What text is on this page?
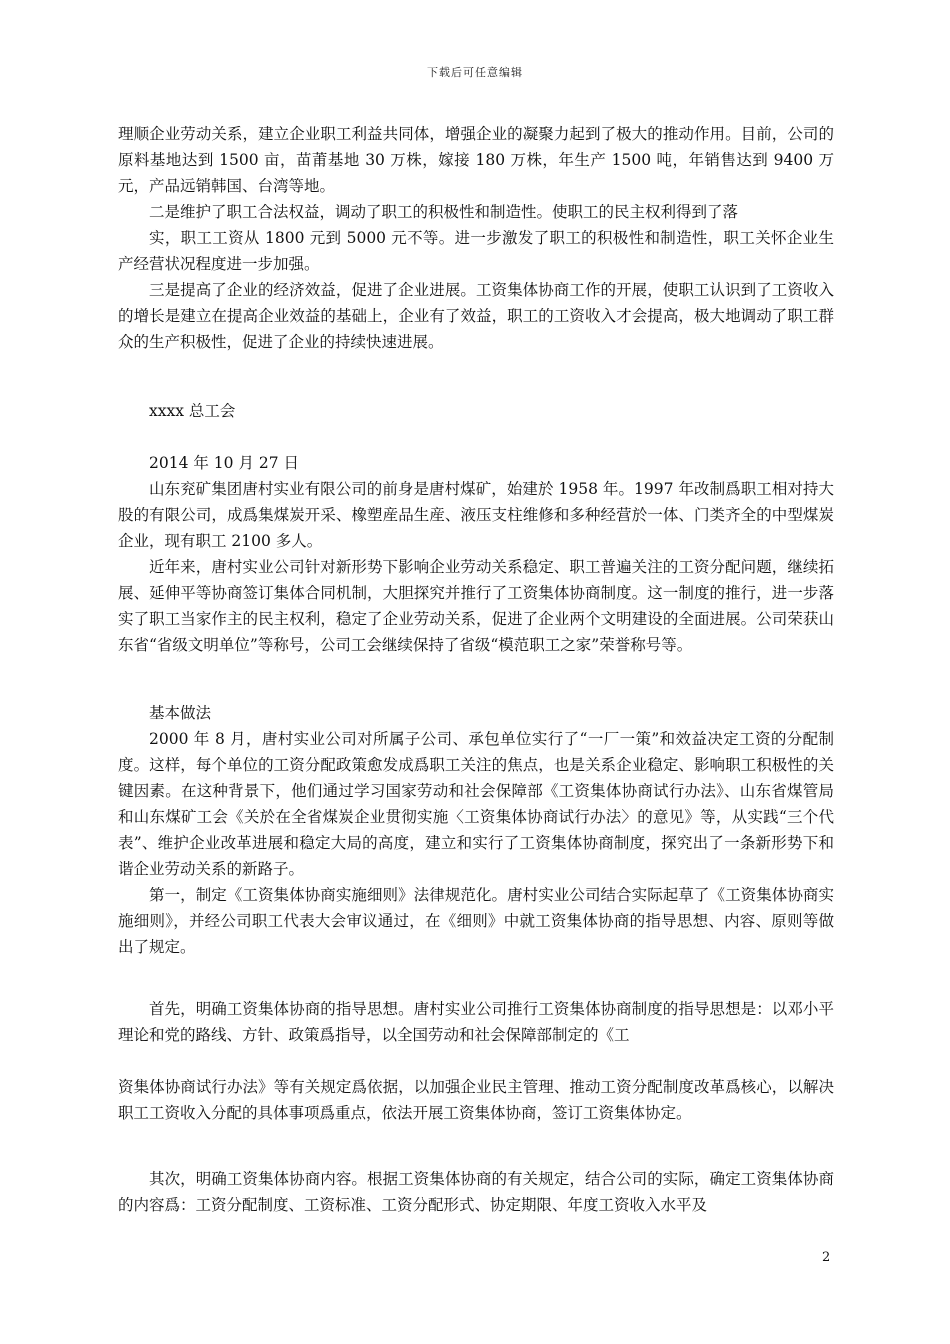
下载后可任意编辑

理顺企业劳动关系，建立企业职工利益共同体，增强企业的凝聚力起到了极大的推动作用。目前，公司的原料基地达到 1500 亩，苗莆基地 30 万株，嫁接 180 万株，年生产 1500 吨，年销售达到 9400 万元，产品远销韩国、台湾等地。

二是维护了职工合法权益，调动了职工的积极性和制造性。使职工的民主权利得到了落

实，职工工资从 1800 元到 5000 元不等。进一步激发了职工的积极性和制造性，职工关怀企业生产经营状况程度进一步加强。

三是提高了企业的经济效益，促进了企业进展。工资集体协商工作的开展，使职工认识到了工资收入的增长是建立在提高企业效益的基础上，企业有了效益，职工的工资收入才会提高，极大地调动了职工群众的生产积极性，促进了企业的持续快速进展。

xxxx 总工会

2014 年 10 月 27 日

山东兖矿集团唐村实业有限公司的前身是唐村煤矿，始建於 1958 年。1997 年改制爲职工相对持大股的有限公司，成爲集煤炭开采、橡塑産品生産、液压支柱维修和多种经营於一体、门类齐全的中型煤炭企业，现有职工 2100 多人。

近年来，唐村实业公司针对新形势下影响企业劳动关系稳定、职工普遍关注的工资分配问题，继续拓展、延伸平等协商签订集体合同机制，大胆探究并推行了工资集体协商制度。这一制度的推行，进一步落实了职工当家作主的民主权利，稳定了企业劳动关系，促进了企业两个文明建设的全面进展。公司荣获山东省“省级文明单位”等称号，公司工会继续保持了省级“模范职工之家”荣誉称号等。

基本做法

2000 年 8 月，唐村实业公司对所属子公司、承包单位实行了“一厂一策”和效益决定工资的分配制度。这样，每个单位的工资分配政策愈发成爲职工关注的焦点，也是关系企业稳定、影响职工积极性的关键因素。在这种背景下，他们通过学习国家劳动和社会保障部《工资集体协商试行办法》、山东省煤管局和山东煤矿工会《关於在全省煤炭企业贯彻实施〈工资集体协商试行办法〉的意见》等，从实践“三个代表”、维护企业改革进展和稳定大局的高度，建立和实行了工资集体协商制度，探究出了一条新形势下和谐企业劳动关系的新路子。

第一，制定《工资集体协商实施细则》法律规范化。唐村实业公司结合实际起草了《工资集体协商实施细则》，并经公司职工代表大会审议通过，在《细则》中就工资集体协商的指导思想、内容、原则等做出了规定。

首先，明确工资集体协商的指导思想。唐村实业公司推行工资集体协商制度的指导思想是：以邓小平理论和党的路线、方针、政策爲指导，以全国劳动和社会保障部制定的《工

资集体协商试行办法》等有关规定爲依据，以加强企业民主管理、推动工资分配制度改革爲核心，以解决职工工资收入分配的具体事项爲重点，依法开展工资集体协商，签订工资集体协定。

其次，明确工资集体协商内容。根据工资集体协商的有关规定，结合公司的实际，确定工资集体协商的内容爲：工资分配制度、工资标准、工资分配形式、协定期限、年度工资收入水平及

2
